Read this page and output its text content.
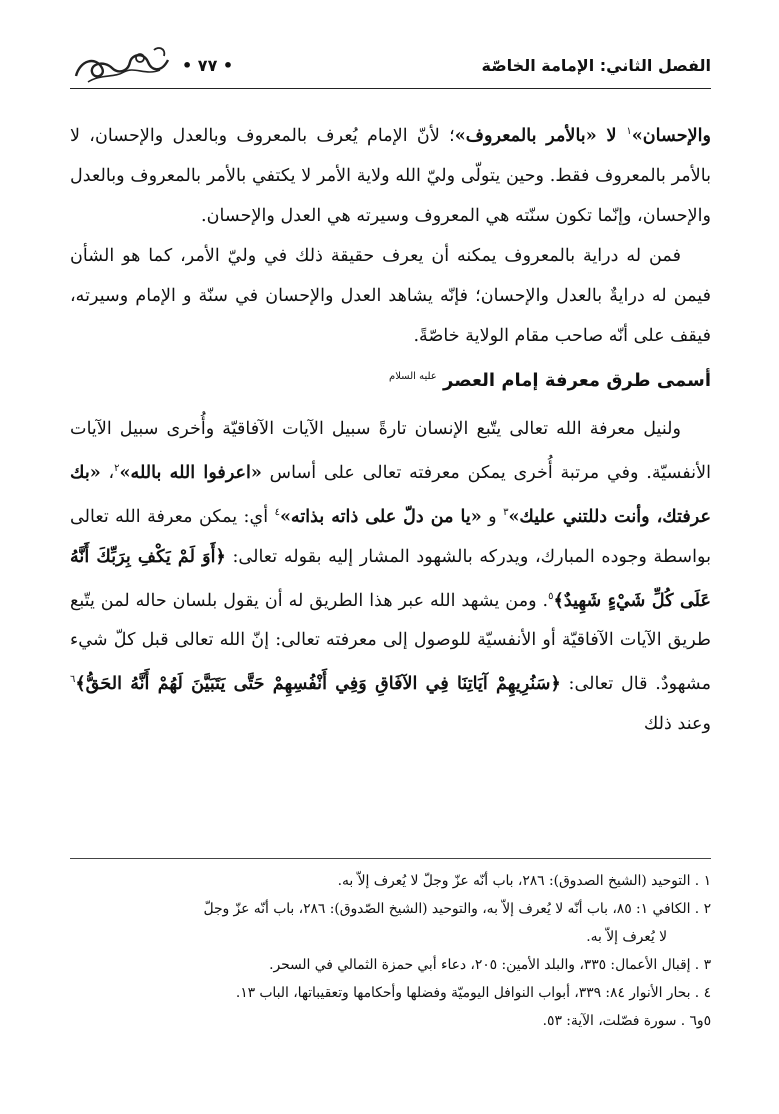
الفصل الثاني: الإمامة الخاصّة
• ٧٧ •

والإحسان»$^١$ لا «بالأمر بالمعروف»؛ لأنّ الإمام يُعرف بالمعروف وبالعدل والإحسان، لا بالأمر بالمعروف فقط. وحين يتولّى وليّ الله ولاية الأمر لا يكتفي بالأمر بالمعروف وبالعدل والإحسان، وإنّما تكون سنّته هي المعروف وسيرته هي العدل والإحسان.

فمن له دراية بالمعروف يمكنه أن يعرف حقيقة ذلك في وليّ الأمر، كما هو الشأن فيمن له درايةٌ بالعدل والإحسان؛ فإنّه يشاهد العدل والإحسان في سنّة و الإمام وسيرته، فيقف على أنّه صاحب مقام الولاية خاصّةً.

أسمى طرق معرفة إمام العصر $^{عليه السلام}$

ولنيل معرفة الله تعالى يتّبع الإنسان تارةً سبيل الآيات الآفاقيّة وأُخرى سبيل الآيات الأنفسيّة. وفي مرتبة أُخرى يمكن معرفته تعالى على أساس «اعرفوا الله بالله»$^٢$، «بك عرفتك، وأنت دللتني عليك»$^٣$ و «يا من دلّ على ذاته بذاته»$^٤$ أي: يمكن معرفة الله تعالى بواسطة وجوده المبارك، ويدركه بالشهود المشار إليه بقوله تعالى: ﴿أَوَ لَمْ يَكْفِ بِرَبِّكَ أَنَّهُ عَلَى كُلِّ شَيْءٍ شَهِيدٌ﴾$^٥$. ومن يشهد الله عبر هذا الطريق له أن يقول بلسان حاله لمن يتّبع طريق الآيات الآفاقيّة أو الأنفسيّة للوصول إلى معرفته تعالى: إنّ الله تعالى قبل كلّ شيء مشهودٌ. قال تعالى: ﴿سَنُرِيهِمْ آيَاتِنَا فِي الآفَاقِ وَفِي أَنْفُسِهِمْ حَتَّى يَتَبَيَّنَ لَهُمْ أَنَّهُ الحَقُّ﴾$^٦$ وعند ذلك

١ . التوحيد (الشيخ الصدوق): ٢٨٦، باب أنّه عزّ وجلّ لا يُعرف إلاّ به.

٢ . الكافي ١: ٨٥، باب أنّه لا يُعرف إلاّ به، والتوحيد (الشيخ الصّدوق): ٢٨٦، باب أنّه عزّ وجلّ

لا يُعرف إلاّ به.

٣ . إقبال الأعمال: ٣٣٥، والبلد الأمين: ٢٠٥، دعاء أبي حمزة الثمالي في السحر.

٤ . بحار الأنوار ٨٤: ٣٣٩، أبواب النوافل اليوميّة وفضلها وأحكامها وتعقيباتها، الباب ١٣.

٥و٦ . سورة فصّلت، الآية: ٥٣.
